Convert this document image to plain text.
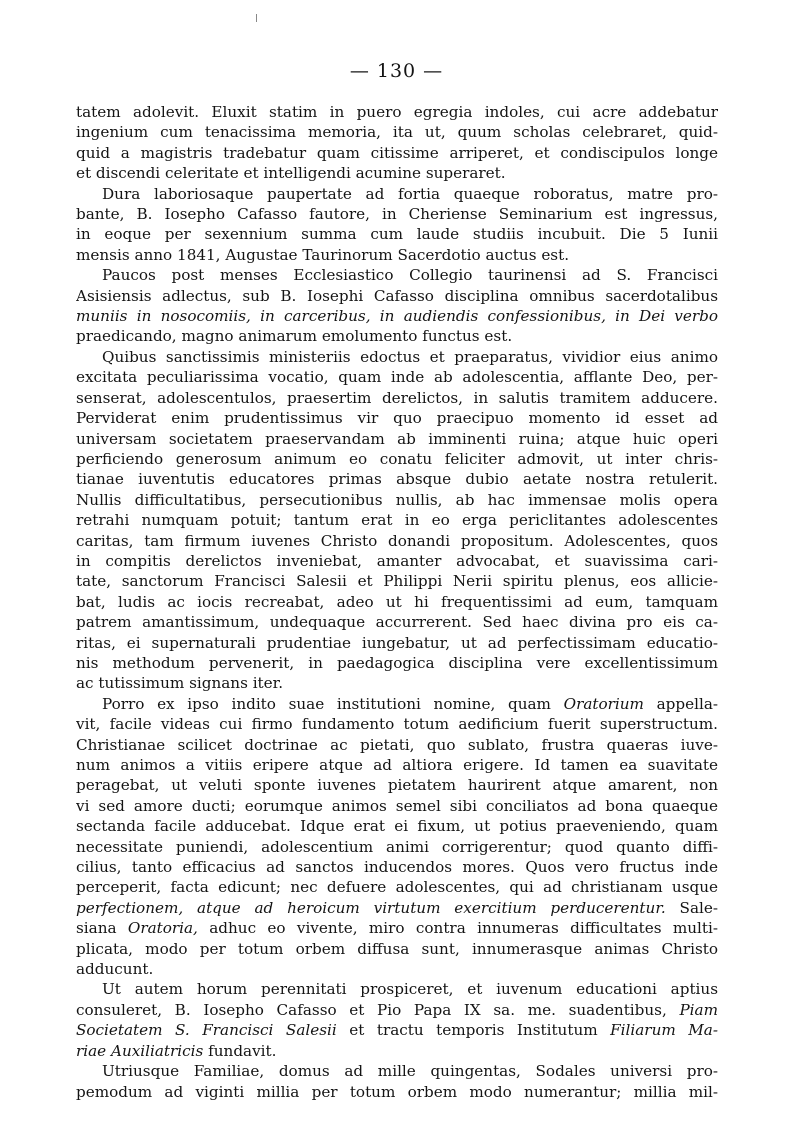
— 130 —

tatem adolevit. Eluxit statim in puero egregia indoles, cui acre addebatur
ingenium cum tenacissima memoria, ita ut, quum scholas celebraret, quid-
quid a magistris tradebatur quam citissime arriperet, et condiscipulos longe
et discendi celeritate et intelligendi acumine superaret.

Dura laboriosaque paupertate ad fortia quaeque roboratus, matre pro-
bante, B. Iosepho Cafasso fautore, in Cheriense Seminarium est ingressus,
in eoque per sexennium summa cum laude studiis incubuit. Die 5 Iunii
mensis anno 1841, Augustae Taurinorum Sacerdotio auctus est.

Paucos post menses Ecclesiastico Collegio taurinensi ad S. Francisci
Asisiensis adlectus, sub B. Iosephi Cafasso disciplina omnibus sacerdotalibus
muniis in nosocomiis, in carceribus, in audiendis confessionibus, in Dei verbo
praedicando, magno animarum emolumento functus est.

Quibus sanctissimis ministeriis edoctus et praeparatus, vividior eius animo
excitata peculiarissima vocatio, quam inde ab adolescentia, afflante Deo, per-
senserat, adolescentulos, praesertim derelictos, in salutis tramitem adducere.
Perviderat enim prudentissimus vir quo praecipuo momento id esset ad
universam societatem praeservandam ab imminenti ruina; atque huic operi
perficiendo generosum animum eo conatu feliciter admovit, ut inter chris-
tianae iuventutis educatores primas absque dubio aetate nostra retulerit.
Nullis difficultatibus, persecutionibus nullis, ab hac immensae molis opera
retrahi numquam potuit; tantum erat in eo erga periclitantes adolescentes
caritas, tam firmum iuvenes Christo donandi propositum. Adolescentes, quos
in compitis derelictos inveniebat, amanter advocabat, et suavissima cari-
tate, sanctorum Francisci Salesii et Philippi Nerii spiritu plenus, eos allicie-
bat, ludis ac iocis recreabat, adeo ut hi frequentissimi ad eum, tamquam
patrem amantissimum, undequaque accurrerent. Sed haec divina pro eis ca-
ritas, ei supernaturali prudentiae iungebatur, ut ad perfectissimam educatio-
nis methodum pervenerit, in paedagogica disciplina vere excellentissimum
ac tutissimum signans iter.

Porro ex ipso indito suae institutioni nomine, quam Oratorium appella-
vit, facile videas cui firmo fundamento totum aedificium fuerit superstructum.
Christianae scilicet doctrinae ac pietati, quo sublato, frustra quaeras iuve-
num animos a vitiis eripere atque ad altiora erigere. Id tamen ea suavitate
peragebat, ut veluti sponte iuvenes pietatem haurirent atque amarent, non
vi sed amore ducti; eorumque animos semel sibi conciliatos ad bona quaeque
sectanda facile adducebat. Idque erat ei fixum, ut potius praeveniendo, quam
necessitate puniendi, adolescentium animi corrigerentur; quod quanto diffi-
cilius, tanto efficacius ad sanctos inducendos mores. Quos vero fructus inde
perceperit, facta edicunt; nec defuere adolescentes, qui ad christianam usque
perfectionem, atque ad heroicum virtutum exercitium perducerentur. Sale-
siana Oratoria, adhuc eo vivente, miro contra innumeras difficultates multi-
plicata, modo per totum orbem diffusa sunt, innumerasque animas Christo
adducunt.

Ut autem horum perennitati prospiceret, et iuvenum educationi aptius
consuleret, B. Iosepho Cafasso et Pio Papa IX sa. me. suadentibus, Piam
Societatem S. Francisci Salesii et tractu temporis Institutum Filiarum Ma-
riae Auxiliatricis fundavit.

Utriusque Familiae, domus ad mille quingentas, Sodales universi pro-
pemodum ad viginti millia per totum orbem modo numerantur; millia mil-
